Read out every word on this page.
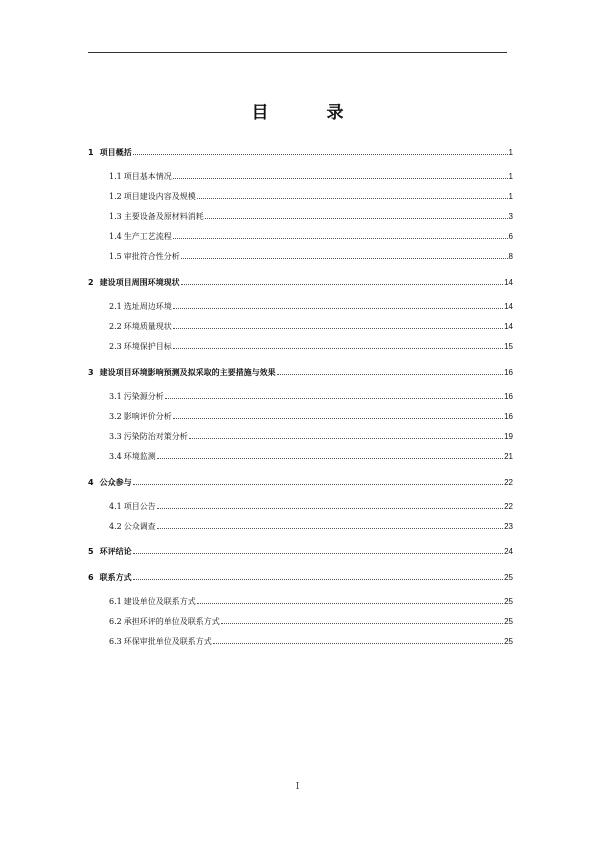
目 录
1 项目概括	1
1.1 项目基本情况	1
1.2 项目建设内容及规模	1
1.3 主要设备及原材料消耗	3
1.4 生产工艺流程	6
1.5 审批符合性分析	8
2 建设项目周围环境现状	14
2.1 选址周边环境	14
2.2 环境质量现状	14
2.3 环境保护目标	15
3 建设项目环境影响预测及拟采取的主要措施与效果	16
3.1 污染源分析	16
3.2 影响评价分析	16
3.3 污染防治对策分析	19
3.4 环境监测	21
4 公众参与	22
4.1 项目公告	22
4.2 公众调查	23
5 环评结论	24
6 联系方式	25
6.1 建设单位及联系方式	25
6.2 承担环评的单位及联系方式	25
6.3 环保审批单位及联系方式	25
I
